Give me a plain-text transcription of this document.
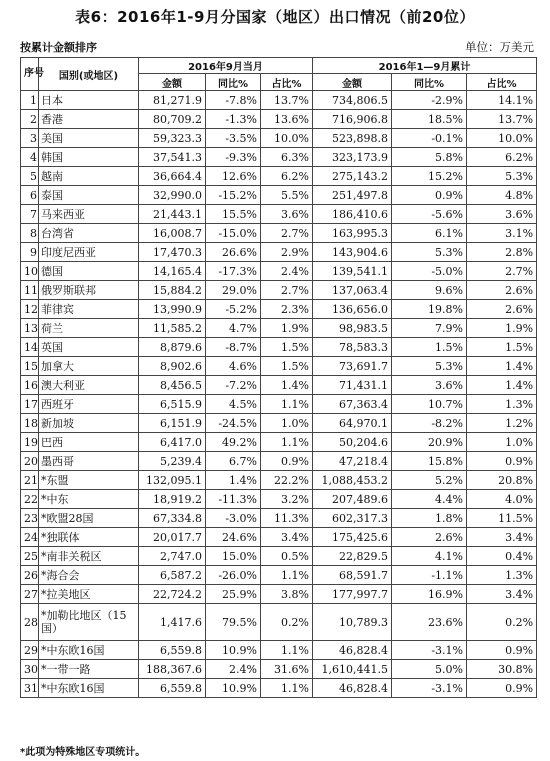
表6：2016年1-9月分国家（地区）出口情况（前20位）
按累计金额排序	单位：万美元
序号	国别(或地区)	2016年9月当月			2016年1—9月累计		
		金额	同比%	占比%	金额	同比%	占比%
1	日本	81,271.9	-7.8%	13.7%	734,806.5	-2.9%	14.1%
2	香港	80,709.2	-1.3%	13.6%	716,906.8	18.5%	13.7%
3	美国	59,323.3	-3.5%	10.0%	523,898.8	-0.1%	10.0%
4	韩国	37,541.3	-9.3%	6.3%	323,173.9	5.8%	6.2%
5	越南	36,664.4	12.6%	6.2%	275,143.2	15.2%	5.3%
6	泰国	32,990.0	-15.2%	5.5%	251,497.8	0.9%	4.8%
7	马来西亚	21,443.1	15.5%	3.6%	186,410.6	-5.6%	3.6%
8	台湾省	16,008.7	-15.0%	2.7%	163,995.3	6.1%	3.1%
9	印度尼西亚	17,470.3	26.6%	2.9%	143,904.6	5.3%	2.8%
10	德国	14,165.4	-17.3%	2.4%	139,541.1	-5.0%	2.7%
11	俄罗斯联邦	15,884.2	29.0%	2.7%	137,063.4	9.6%	2.6%
12	菲律宾	13,990.9	-5.2%	2.3%	136,656.0	19.8%	2.6%
13	荷兰	11,585.2	4.7%	1.9%	98,983.5	7.9%	1.9%
14	英国	8,879.6	-8.7%	1.5%	78,583.3	1.5%	1.5%
15	加拿大	8,902.6	4.6%	1.5%	73,691.7	5.3%	1.4%
16	澳大利亚	8,456.5	-7.2%	1.4%	71,431.1	3.6%	1.4%
17	西班牙	6,515.9	4.5%	1.1%	67,363.4	10.7%	1.3%
18	新加坡	6,151.9	-24.5%	1.0%	64,970.1	-8.2%	1.2%
19	巴西	6,417.0	49.2%	1.1%	50,204.6	20.9%	1.0%
20	墨西哥	5,239.4	6.7%	0.9%	47,218.4	15.8%	0.9%
21	*东盟	132,095.1	1.4%	22.2%	1,088,453.2	5.2%	20.8%
22	*中东	18,919.2	-11.3%	3.2%	207,489.6	4.4%	4.0%
23	*欧盟28国	67,334.8	-3.0%	11.3%	602,317.3	1.8%	11.5%
24	*独联体	20,017.7	24.6%	3.4%	175,425.6	2.6%	3.4%
25	*南非关税区	2,747.0	15.0%	0.5%	22,829.5	4.1%	0.4%
26	*海合会	6,587.2	-26.0%	1.1%	68,591.7	-1.1%	1.3%
27	*拉美地区	22,724.2	25.9%	3.8%	177,997.7	16.9%	3.4%
28	*加勒比地区（15国）	1,417.6	79.5%	0.2%	10,789.3	23.6%	0.2%
29	*中东欧16国	6,559.8	10.9%	1.1%	46,828.4	-3.1%	0.9%
30	*一带一路	188,367.6	2.4%	31.6%	1,610,441.5	5.0%	30.8%
31	*中东欧16国	6,559.8	10.9%	1.1%	46,828.4	-3.1%	0.9%
*此项为特殊地区专项统计。
